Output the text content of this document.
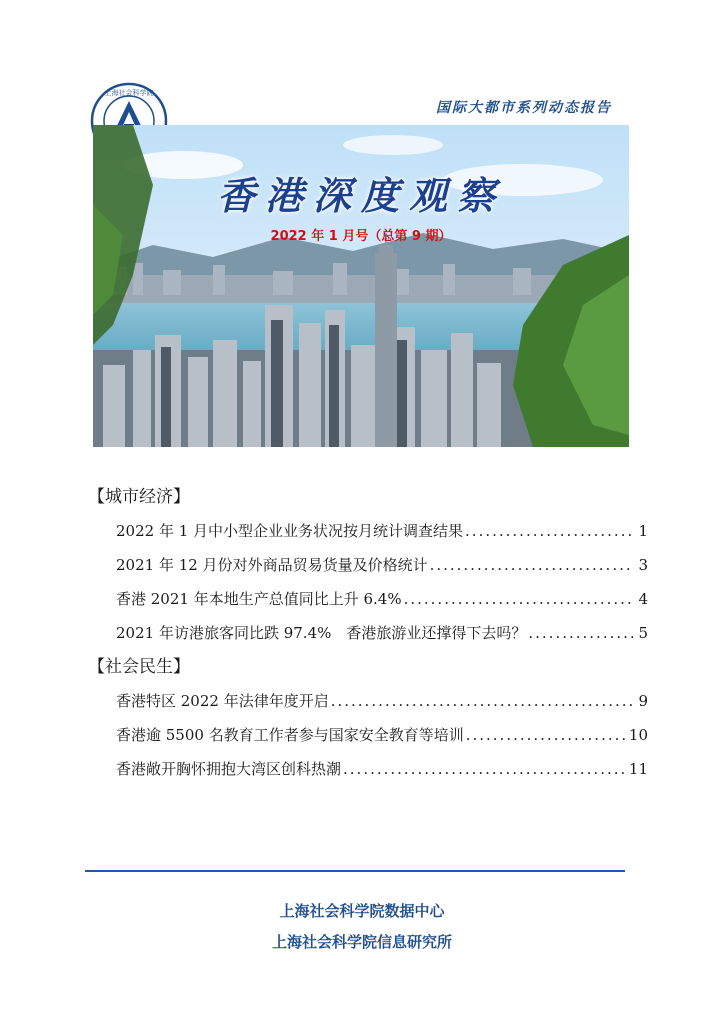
上海社会科学院
国际大都市系列动态报告
香港深度观察
2022 年 1 月号（总第 9 期）
【城市经济】
2022 年 1 月中小型企业业务状况按月统计调查结果 .....	1
2021 年 12 月份对外商品贸易货量及价格统计 .....	3
香港 2021 年本地生产总值同比上升 6.4% .....	4
2021 年访港旅客同比跌 97.4%　香港旅游业还撑得下去吗？ .....	5
【社会民生】
香港特区 2022 年法律年度开启 .....	9
香港逾 5500 名教育工作者参与国家安全教育等培训 .....	10
香港敞开胸怀拥抱大湾区创科热潮 .....	11
上海社会科学院数据中心
上海社会科学院信息研究所
